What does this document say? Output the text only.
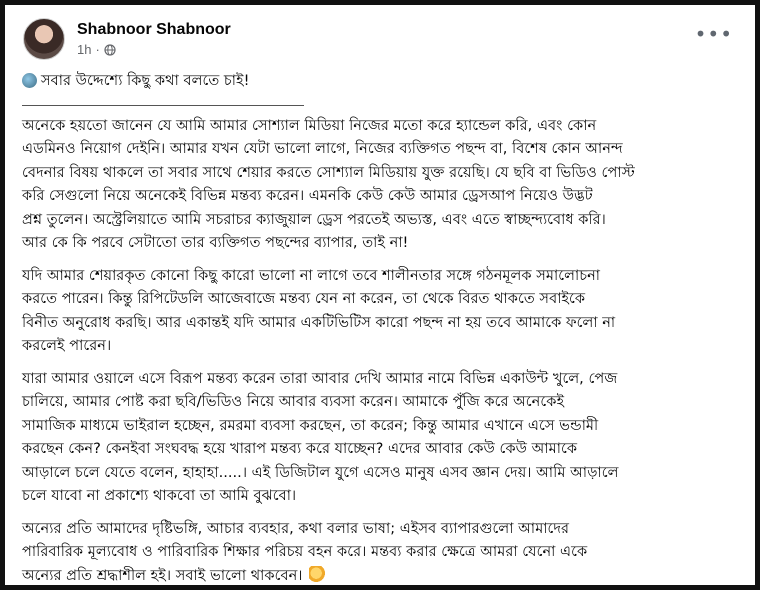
Shabnoor Shabnoor
1h ·
•••
সবার উদ্দেশ্যে কিছু কথা বলতে চাই!
অনেকে হয়তো জানেন যে আমি আমার সোশ্যাল মিডিয়া নিজের মতো করে হ্যান্ডেল করি, এবং কোন
এডমিনও নিয়োগ দেইনি। আমার যখন যেটা ভালো লাগে, নিজের ব্যক্তিগত পছন্দ বা, বিশেষ কোন আনন্দ
বেদনার বিষয় থাকলে তা সবার সাথে শেয়ার করতে সোশ্যাল মিডিয়ায় যুক্ত রয়েছি। যে ছবি বা ভিডিও পোস্ট
করি সেগুলো নিয়ে অনেকেই বিভিন্ন মন্তব্য করেন। এমনকি কেউ কেউ আমার ড্রেসআপ নিয়েও উদ্ভট
প্রশ্ন তুলেন। অস্ট্রেলিয়াতে আমি সচরাচর ক্যাজুয়াল ড্রেস পরতেই অভ্যস্ত, এবং এতে স্বাচ্ছন্দ্যবোধ করি।
আর কে কি পরবে সেটাতো তার ব্যক্তিগত পছন্দের ব্যাপার, তাই না!
যদি আমার শেয়ারকৃত কোনো কিছু কারো ভালো না লাগে তবে শালীনতার সঙ্গে গঠনমূলক সমালোচনা
করতে পারেন। কিন্তু রিপিটেডলি আজেবাজে মন্তব্য যেন না করেন, তা থেকে বিরত থাকতে সবাইকে
বিনীত অনুরোধ করছি। আর একান্তই যদি আমার একটিভিটিস কারো পছন্দ না হয় তবে আমাকে ফলো না
করলেই পারেন।
যারা আমার ওয়ালে এসে বিরূপ মন্তব্য করেন তারা আবার দেখি আমার নামে বিভিন্ন একাউন্ট খুলে, পেজ
চালিয়ে, আমার পোষ্ট করা ছবি/ভিডিও নিয়ে আবার ব্যবসা করেন। আমাকে পুঁজি করে অনেকেই
সামাজিক মাধ্যমে ভাইরাল হচ্ছেন, রমরমা ব্যবসা করছেন, তা করেন; কিন্তু আমার এখানে এসে ভন্ডামী
করছেন কেন? কেনইবা সংঘবদ্ধ হয়ে খারাপ মন্তব্য করে যাচ্ছেন? এদের আবার কেউ কেউ আমাকে
আড়ালে চলে যেতে বলেন, হাহাহা.....। এই ডিজিটাল যুগে এসেও মানুষ এসব জ্ঞান দেয়। আমি আড়ালে
চলে যাবো না প্রকাশ্যে থাকবো তা আমি বুঝবো।
অন্যের প্রতি আমাদের দৃষ্টিভঙ্গি, আচার ব্যবহার, কথা বলার ভাষা; এইসব ব্যাপারগুলো আমাদের
পারিবারিক মূল্যবোধ ও পারিবারিক শিক্ষার পরিচয় বহন করে। মন্তব্য করার ক্ষেত্রে আমরা যেনো একে
অন্যের প্রতি শ্রদ্ধাশীল হই। সবাই ভালো থাকবেন।
